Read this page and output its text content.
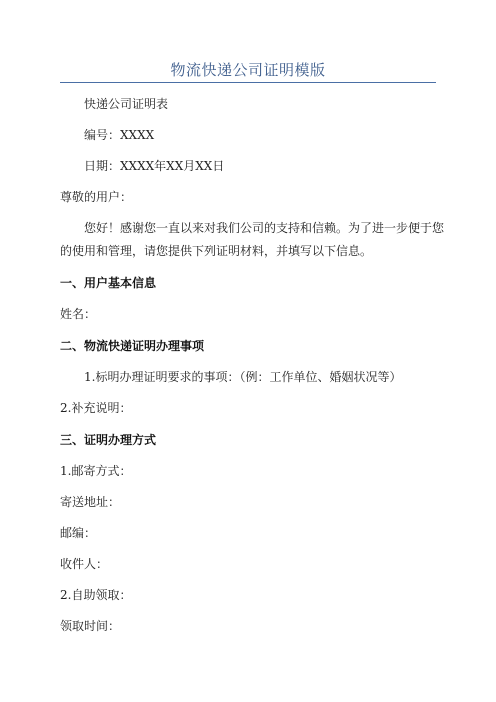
物流快递公司证明模版
快递公司证明表
编号：XXXX
日期：XXXX年XX月XX日
尊敬的用户：
您好！感谢您一直以来对我们公司的支持和信赖。为了进一步便于您
的使用和管理，请您提供下列证明材料，并填写以下信息。
一、用户基本信息
姓名：
二、物流快递证明办理事项
1.标明办理证明要求的事项：（例：工作单位、婚姻状况等）
2.补充说明：
三、证明办理方式
1.邮寄方式：
寄送地址：
邮编：
收件人：
2.自助领取：
领取时间：
